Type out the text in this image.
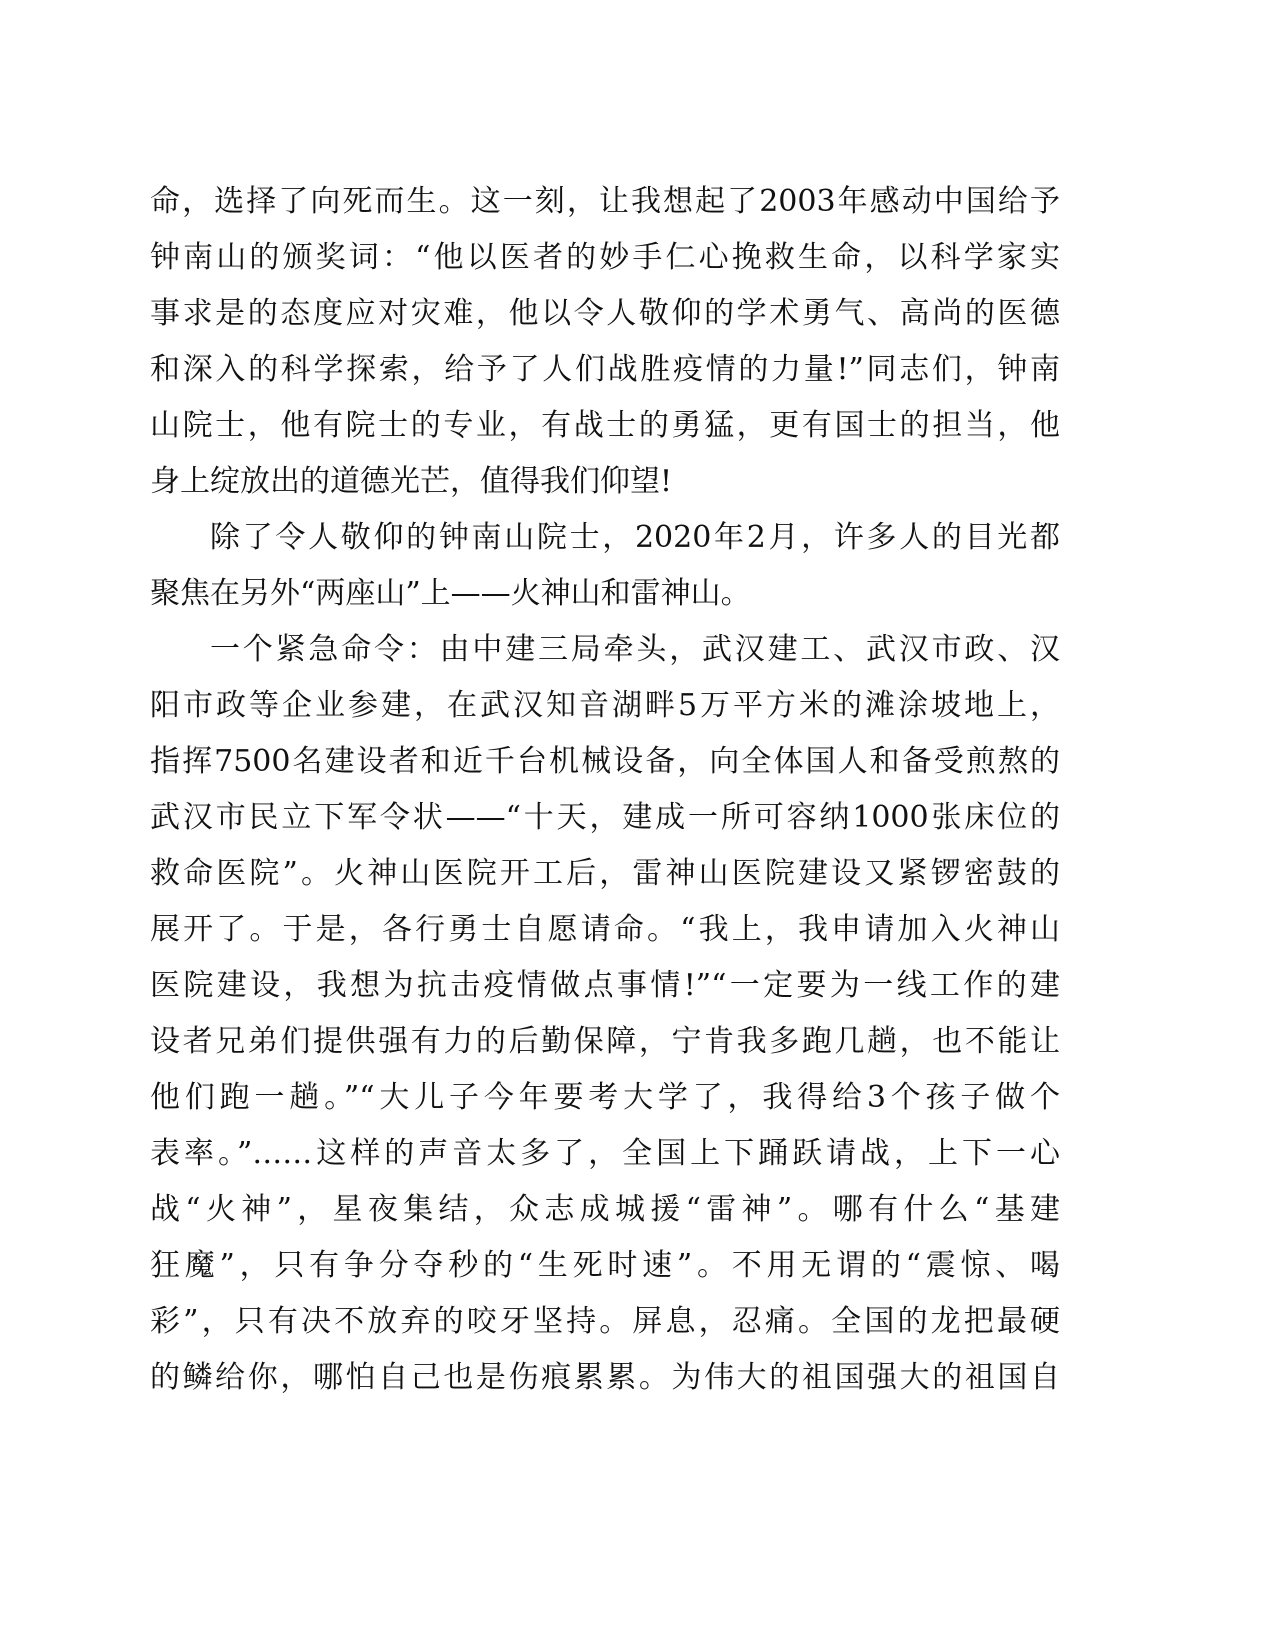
命，选择了向死而生。这一刻，让我想起了2003年感动中国给予
钟南山的颁奖词：“他以医者的妙手仁心挽救生命，以科学家实
事求是的态度应对灾难，他以令人敬仰的学术勇气、高尚的医德
和深入的科学探索，给予了人们战胜疫情的力量!”同志们，钟南
山院士，他有院士的专业，有战士的勇猛，更有国士的担当，他
身上绽放出的道德光芒，值得我们仰望!
除了令人敬仰的钟南山院士，2020年2月，许多人的目光都
聚焦在另外“两座山”上——火神山和雷神山。
一个紧急命令：由中建三局牵头，武汉建工、武汉市政、汉
阳市政等企业参建，在武汉知音湖畔5万平方米的滩涂坡地上，
指挥7500名建设者和近千台机械设备，向全体国人和备受煎熬的
武汉市民立下军令状——“十天，建成一所可容纳1000张床位的
救命医院”。火神山医院开工后，雷神山医院建设又紧锣密鼓的
展开了。于是，各行勇士自愿请命。“我上，我申请加入火神山
医院建设，我想为抗击疫情做点事情!”“一定要为一线工作的建
设者兄弟们提供强有力的后勤保障，宁肯我多跑几趟，也不能让
他们跑一趟。”“大儿子今年要考大学了，我得给3个孩子做个
表率。”……这样的声音太多了，全国上下踊跃请战，上下一心
战“火神”，星夜集结，众志成城援“雷神”。哪有什么“基建
狂魔”，只有争分夺秒的“生死时速”。不用无谓的“震惊、喝
彩”，只有决不放弃的咬牙坚持。屏息，忍痛。全国的龙把最硬
的鳞给你，哪怕自己也是伤痕累累。为伟大的祖国强大的祖国自
